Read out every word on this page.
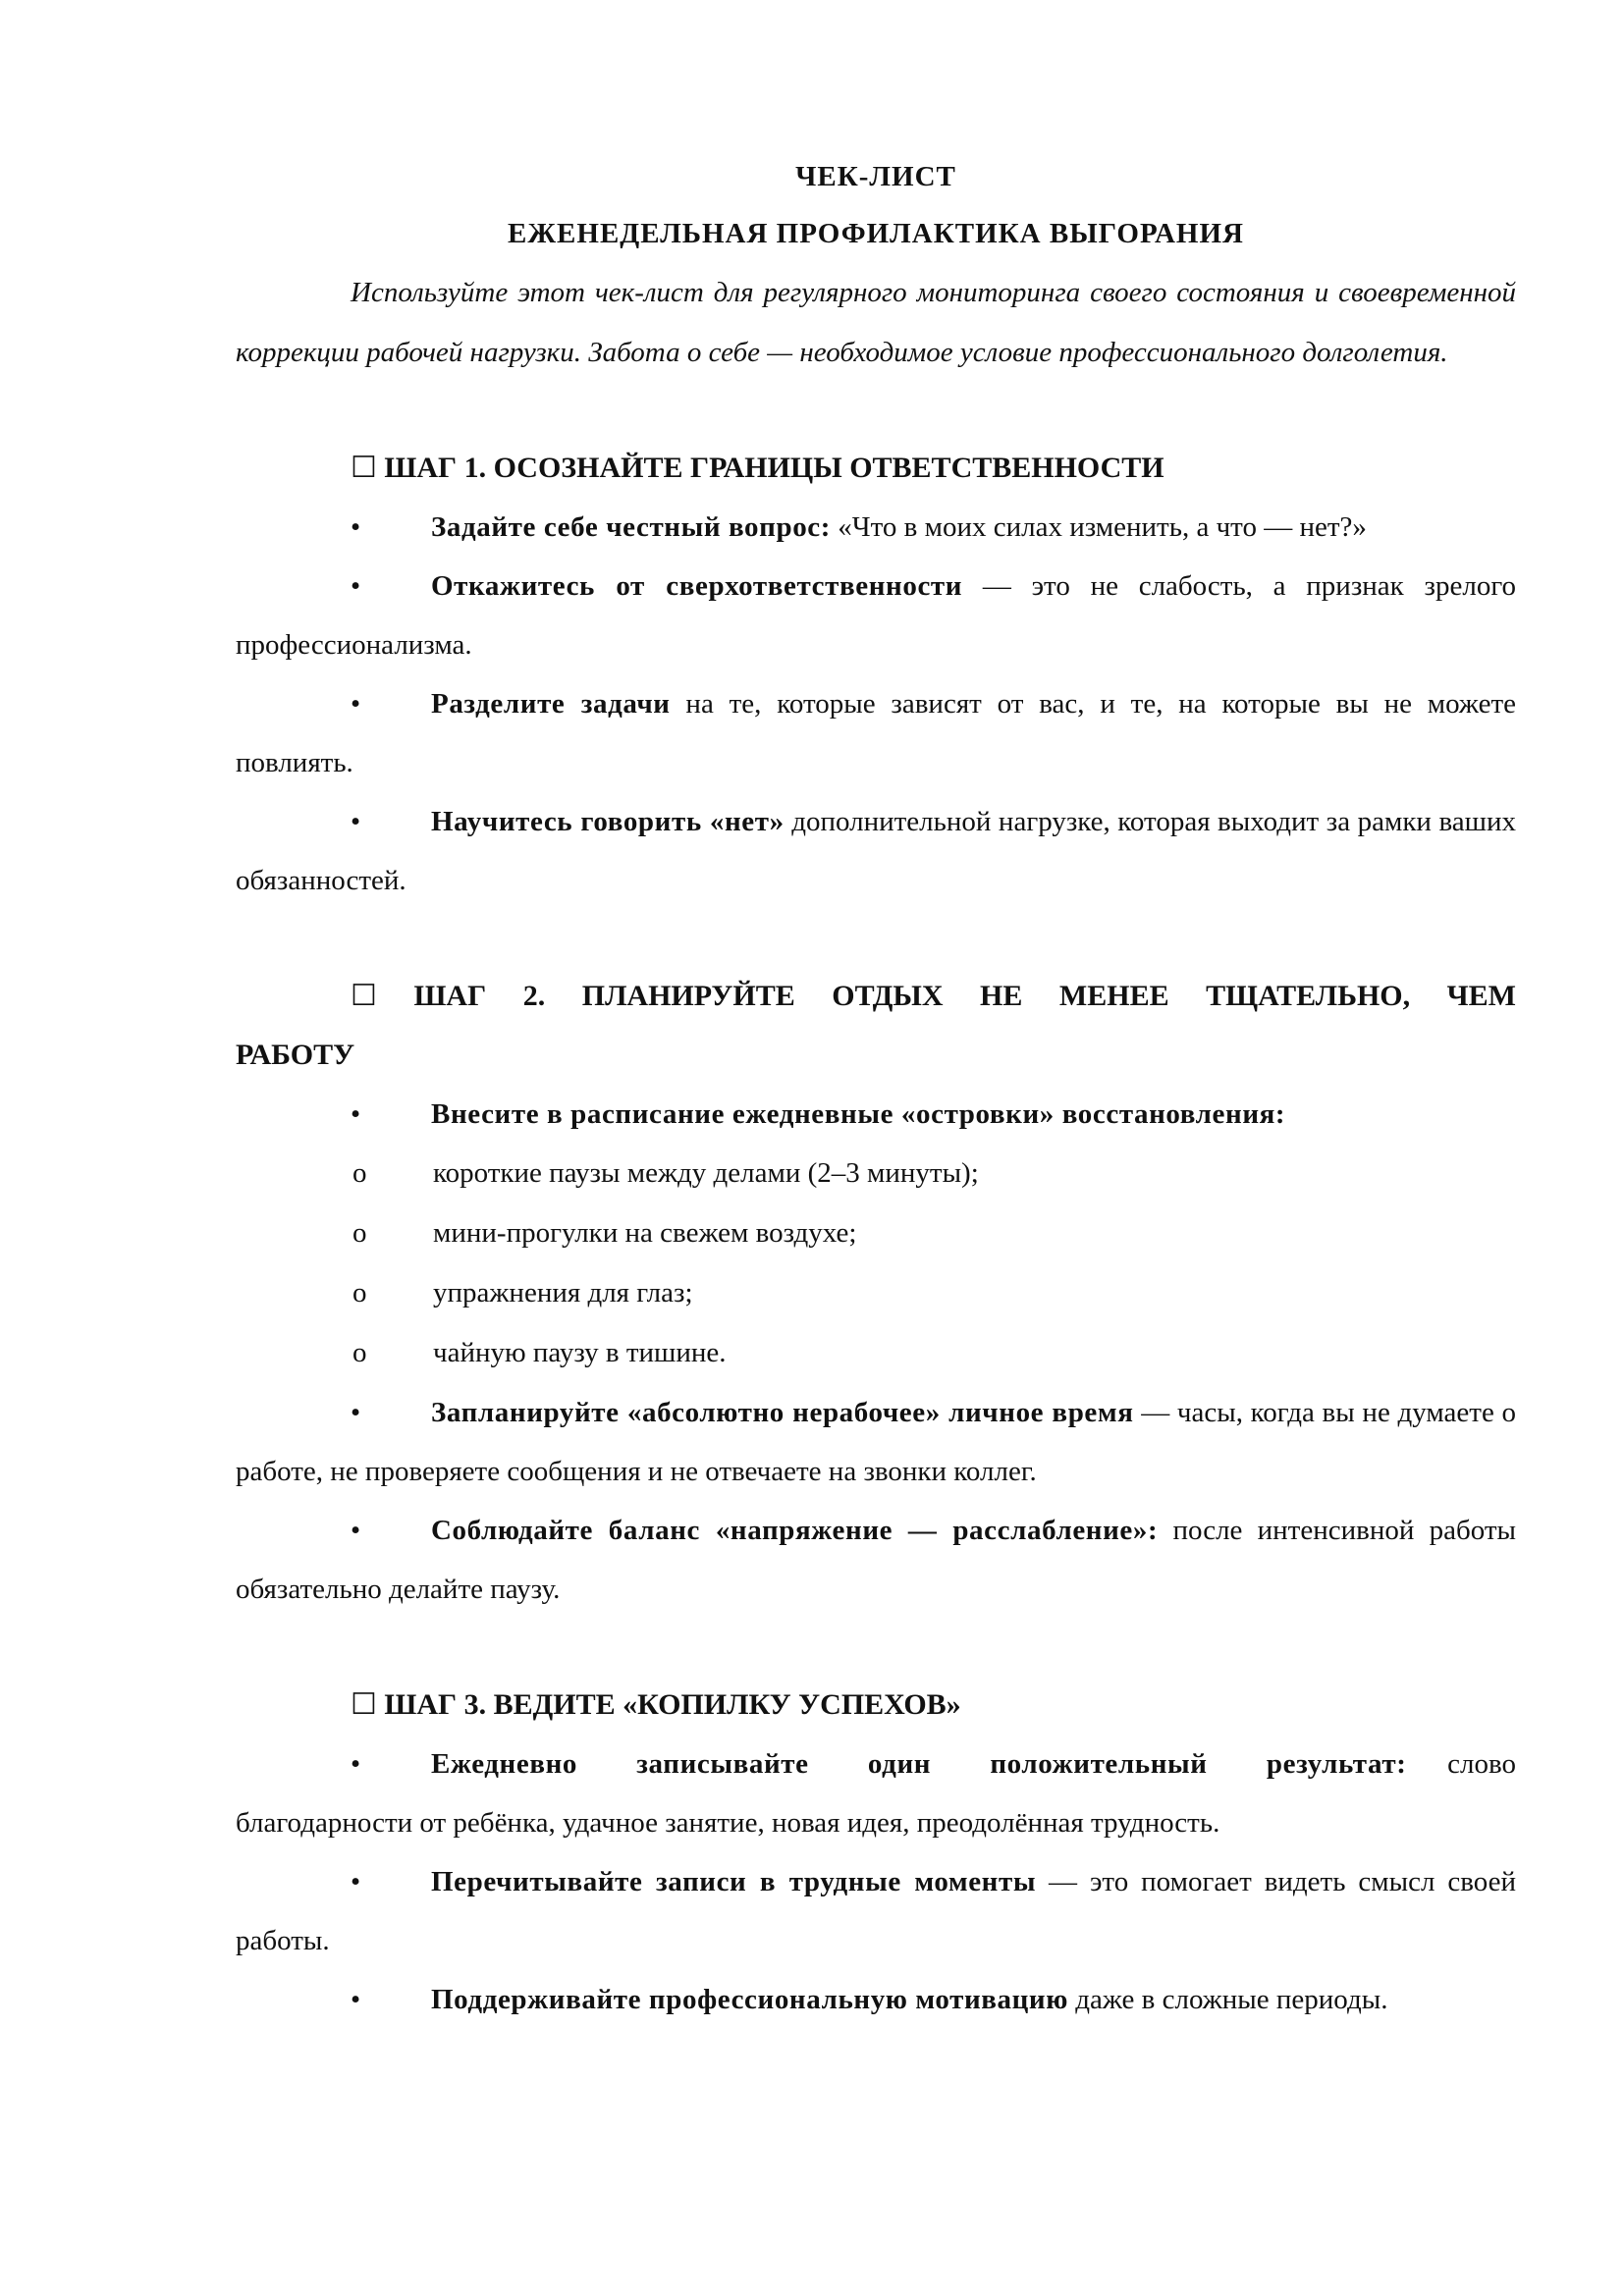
ЧЕК-ЛИСТ
ЕЖЕНЕДЕЛЬНАЯ ПРОФИЛАКТИКА ВЫГОРАНИЯ

Используйте этот чек-лист для регулярного мониторинга своего состояния и своевременной коррекции рабочей нагрузки. Забота о себе — необходимое условие профессионального долголетия.

☐ ШАГ 1. ОСОЗНАЙТЕ ГРАНИЦЫ ОТВЕТСТВЕННОСТИ

• Задайте себе честный вопрос: «Что в моих силах изменить, а что — нет?»

• Откажитесь от сверхответственности — это не слабость, а признак зрелого профессионализма.

• Разделите задачи на те, которые зависят от вас, и те, на которые вы не можете повлиять.

• Научитесь говорить «нет» дополнительной нагрузке, которая выходит за рамки ваших обязанностей.

☐ ШАГ 2. ПЛАНИРУЙТЕ ОТДЫХ НЕ МЕНЕЕ ТЩАТЕЛЬНО, ЧЕМ РАБОТУ

• Внесите в расписание ежедневные «островки» восстановления:

o короткие паузы между делами (2–3 минуты);

o мини-прогулки на свежем воздухе;

o упражнения для глаз;

o чайную паузу в тишине.

• Запланируйте «абсолютно нерабочее» личное время — часы, когда вы не думаете о работе, не проверяете сообщения и не отвечаете на звонки коллег.

• Соблюдайте баланс «напряжение — расслабление»: после интенсивной работы обязательно делайте паузу.

☐ ШАГ 3. ВЕДИТЕ «КОПИЛКУ УСПЕХОВ»

• Ежедневно записывайте один положительный результат: слово благодарности от ребёнка, удачное занятие, новая идея, преодолённая трудность.

• Перечитывайте записи в трудные моменты — это помогает видеть смысл своей работы.

• Поддерживайте профессиональную мотивацию даже в сложные периоды.
